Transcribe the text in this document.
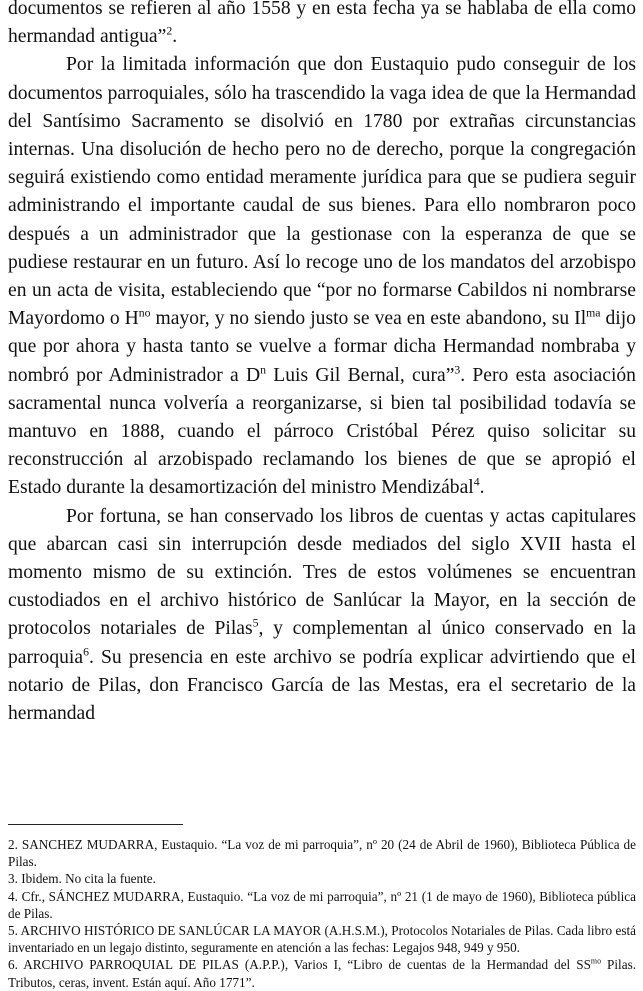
documentos se refieren al año 1558 y en esta fecha ya se hablaba de ella como hermandad antigua”$^2$.

Por la limitada información que don Eustaquio pudo conseguir de los documentos parroquiales, sólo ha trascendido la vaga idea de que la Hermandad del Santísimo Sacramento se disolvió en 1780 por extrañas circunstancias internas. Una disolución de hecho pero no de derecho, porque la congregación seguirá existiendo como entidad meramente jurídica para que se pudiera seguir administrando el importante caudal de sus bienes. Para ello nombraron poco después a un administrador que la gestionase con la esperanza de que se pudiese restaurar en un futuro. Así lo recoge uno de los mandatos del arzobispo en un acta de visita, estableciendo que “por no formarse Cabildos ni nombrarse Mayordomo o $H^{no}$ mayor, y no siendo justo se vea en este abandono, su $Il^{ma}$ dijo que por ahora y hasta tanto se vuelve a formar dicha Hermandad nombraba y nombró por Administrador a $D^n$ Luis Gil Bernal, cura”$^3$. Pero esta asociación sacramental nunca volvería a reorganizarse, si bien tal posibilidad todavía se mantuvo en 1888, cuando el párroco Cristóbal Pérez quiso solicitar su reconstrucción al arzobispado reclamando los bienes de que se apropió el Estado durante la desamortización del ministro Mendizábal$^4$.

Por fortuna, se han conservado los libros de cuentas y actas capitulares que abarcan casi sin interrupción desde mediados del siglo XVII hasta el momento mismo de su extinción. Tres de estos volúmenes se encuentran custodiados en el archivo histórico de Sanlúcar la Mayor, en la sección de protocolos notariales de Pilas$^5$, y complementan al único conservado en la parroquia$^6$. Su presencia en este archivo se podría explicar advirtiendo que el notario de Pilas, don Francisco García de las Mestas, era el secretario de la hermandad

2. SANCHEZ MUDARRA, Eustaquio. “La voz de mi parroquia”, nº 20 (24 de Abril de 1960), Biblioteca Pública de Pilas.

3. Ibidem. No cita la fuente.

4. Cfr., SÁNCHEZ MUDARRA, Eustaquio. “La voz de mi parroquia”, nº 21 (1 de mayo de 1960), Biblioteca pública de Pilas.

5. ARCHIVO HISTÓRICO DE SANLÚCAR LA MAYOR (A.H.S.M.), Protocolos Notariales de Pilas. Cada libro está inventariado en un legajo distinto, seguramente en atención a las fechas: Legajos 948, 949 y 950.

6. ARCHIVO PARROQUIAL DE PILAS (A.P.P.), Varios I, “Libro de cuentas de la Hermandad del $SS^{mo}$ Pilas. Tributos, ceras, invent. Están aquí. Año 1771”.
